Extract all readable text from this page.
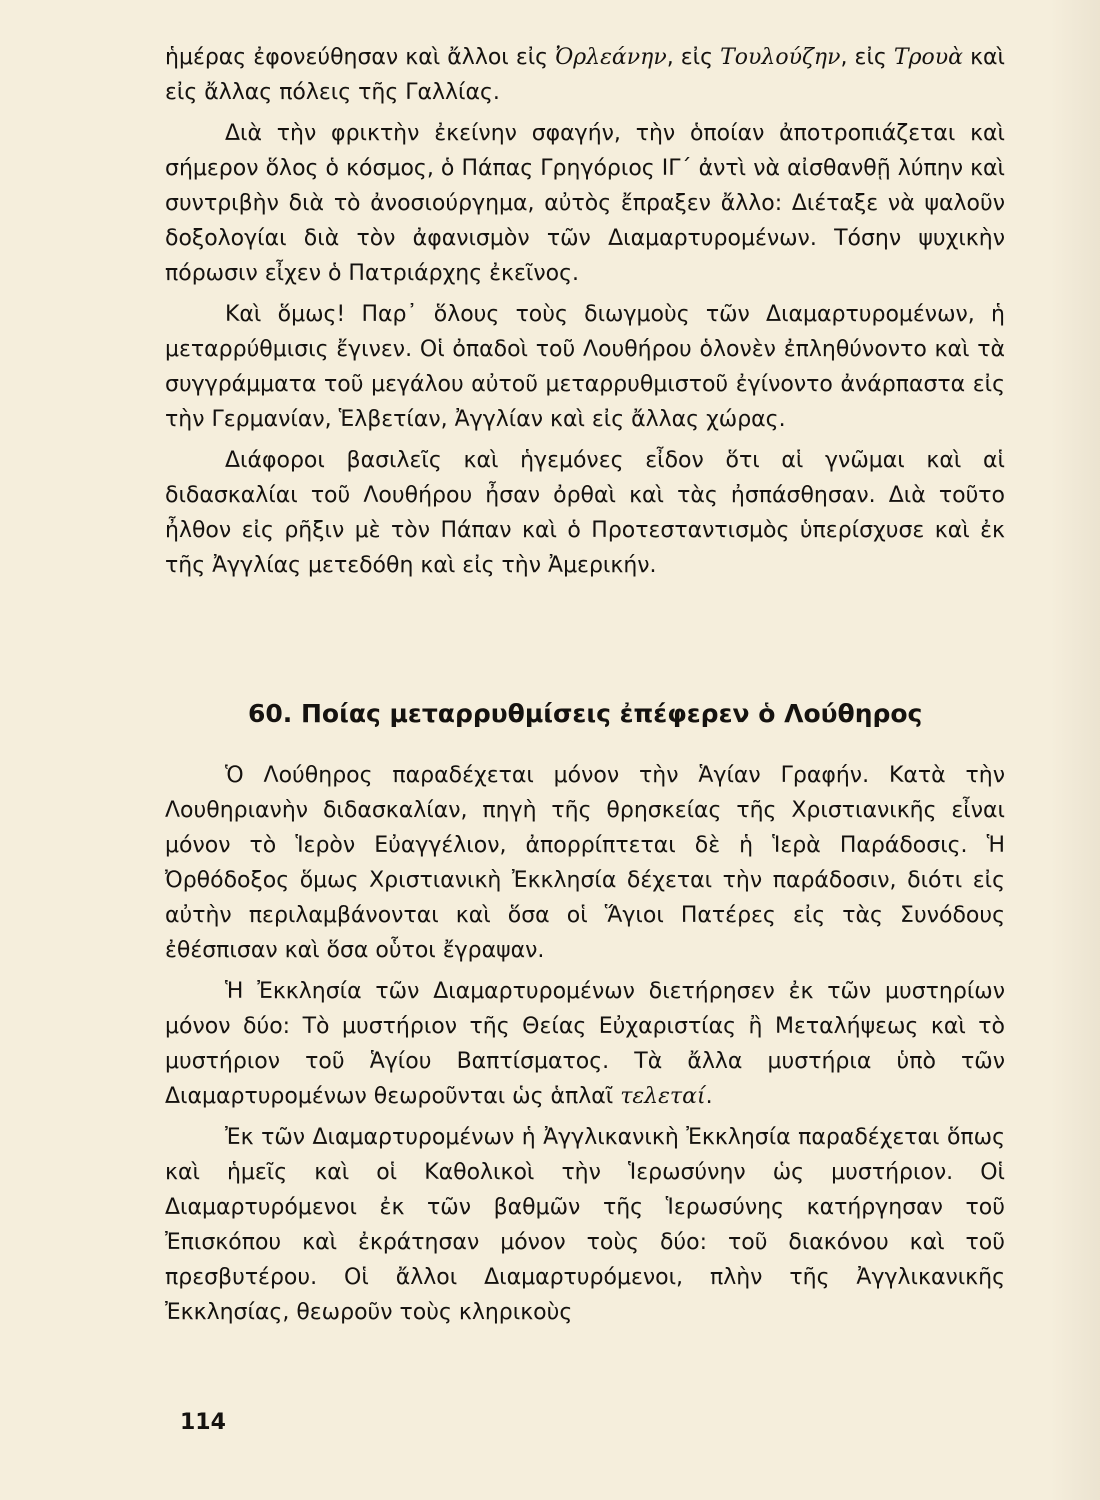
ἡμέρας ἐφονεύθησαν καὶ ἄλλοι εἰς Ὀρλεάνην, εἰς Τουλούζην, εἰς Τρουὰ καὶ εἰς ἄλλας πόλεις τῆς Γαλλίας.

Διὰ τὴν φρικτὴν ἐκείνην σφαγήν, τὴν ὁποίαν ἀποτροπιάζεται καὶ σήμερον ὅλος ὁ κόσμος, ὁ Πάπας Γρηγόριος ΙΓ΄ ἀντὶ νὰ αἰσθανθῇ λύπην καὶ συντριβὴν διὰ τὸ ἀνοσιούργημα, αὐτὸς ἔπραξεν ἄλλο: Διέταξε νὰ ψαλοῦν δοξολογίαι διὰ τὸν ἀφανισμὸν τῶν Διαμαρτυρομένων. Τόσην ψυχικὴν πόρωσιν εἶχεν ὁ Πατριάρχης ἐκεῖνος.

Καὶ ὅμως! Παρ᾽ ὅλους τοὺς διωγμοὺς τῶν Διαμαρτυρομένων, ἡ μεταρρύθμισις ἔγινεν. Οἱ ὀπαδοὶ τοῦ Λουθήρου ὁλονὲν ἐπληθύνοντο καὶ τὰ συγγράμματα τοῦ μεγάλου αὐτοῦ μεταρρυθμιστοῦ ἐγίνοντο ἀνάρπαστα εἰς τὴν Γερμανίαν, Ἑλβετίαν, Ἀγγλίαν καὶ εἰς ἄλλας χώρας.

Διάφοροι βασιλεῖς καὶ ἡγεμόνες εἶδον ὅτι αἱ γνῶμαι καὶ αἱ διδασκαλίαι τοῦ Λουθήρου ἦσαν ὀρθαὶ καὶ τὰς ἠσπάσθησαν. Διὰ τοῦτο ἦλθον εἰς ρῆξιν μὲ τὸν Πάπαν καὶ ὁ Προτεσταντισμὸς ὑπερίσχυσε καὶ ἐκ τῆς Ἀγγλίας μετεδόθη καὶ εἰς τὴν Ἀμερικήν.

60. Ποίας μεταρρυθμίσεις ἐπέφερεν ὁ Λούθηρος

Ὁ Λούθηρος παραδέχεται μόνον τὴν Ἁγίαν Γραφήν. Κατὰ τὴν Λουθηριανὴν διδασκαλίαν, πηγὴ τῆς θρησκείας τῆς Χριστιανικῆς εἶναι μόνον τὸ Ἱερὸν Εὐαγγέλιον, ἀπορρίπτεται δὲ ἡ Ἱερὰ Παράδοσις. Ἡ Ὀρθόδοξος ὅμως Χριστιανικὴ Ἐκκλησία δέχεται τὴν παράδοσιν, διότι εἰς αὐτὴν περιλαμβάνονται καὶ ὅσα οἱ Ἅγιοι Πατέρες εἰς τὰς Συνόδους ἐθέσπισαν καὶ ὅσα οὗτοι ἔγραψαν.

Ἡ Ἐκκλησία τῶν Διαμαρτυρομένων διετήρησεν ἐκ τῶν μυστηρίων μόνον δύο: Τὸ μυστήριον τῆς Θείας Εὐχαριστίας ἢ Μεταλήψεως καὶ τὸ μυστήριον τοῦ Ἁγίου Βαπτίσματος. Τὰ ἄλλα μυστήρια ὑπὸ τῶν Διαμαρτυρομένων θεωροῦνται ὡς ἁπλαῖ τελεταί.

Ἐκ τῶν Διαμαρτυρομένων ἡ Ἀγγλικανικὴ Ἐκκλησία παραδέχεται ὅπως καὶ ἡμεῖς καὶ οἱ Καθολικοὶ τὴν Ἱερωσύνην ὡς μυστήριον. Οἱ Διαμαρτυρόμενοι ἐκ τῶν βαθμῶν τῆς Ἱερωσύνης κατήργησαν τοῦ Ἐπισκόπου καὶ ἐκράτησαν μόνον τοὺς δύο: τοῦ διακόνου καὶ τοῦ πρεσβυτέρου. Οἱ ἄλλοι Διαμαρτυρόμενοι, πλὴν τῆς Ἀγγλικανικῆς Ἐκκλησίας, θεωροῦν τοὺς κληρικοὺς

114
